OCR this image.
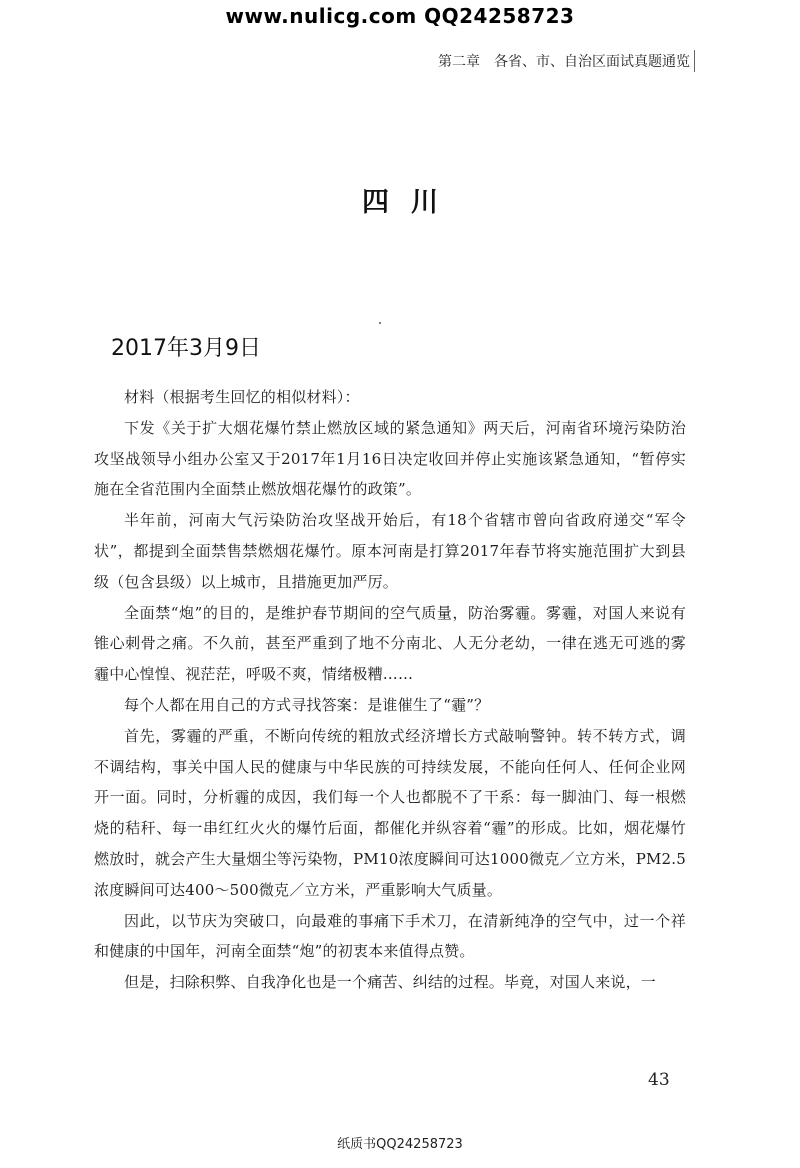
www.nulicg.com QQ24258723
第二章　各省、市、自治区面试真题通览
四川
2017年3月9日

材料（根据考生回忆的相似材料）：

下发《关于扩大烟花爆竹禁止燃放区域的紧急通知》两天后，河南省环境污染防治攻坚战领导小组办公室又于2017年1月16日决定收回并停止实施该紧急通知，“暂停实施在全省范围内全面禁止燃放烟花爆竹的政策”。

半年前，河南大气污染防治攻坚战开始后，有18个省辖市曾向省政府递交“军令状”，都提到全面禁售禁燃烟花爆竹。原本河南是打算2017年春节将实施范围扩大到县级（包含县级）以上城市，且措施更加严厉。

全面禁“炮”的目的，是维护春节期间的空气质量，防治雾霾。雾霾，对国人来说有锥心刺骨之痛。不久前，甚至严重到了地不分南北、人无分老幼，一律在逃无可逃的雾霾中心惶惶、视茫茫，呼吸不爽，情绪极糟……

每个人都在用自己的方式寻找答案：是谁催生了“霾”？

首先，雾霾的严重，不断向传统的粗放式经济增长方式敲响警钟。转不转方式，调不调结构，事关中国人民的健康与中华民族的可持续发展，不能向任何人、任何企业网开一面。同时，分析霾的成因，我们每一个人也都脱不了干系：每一脚油门、每一根燃烧的秸秆、每一串红红火火的爆竹后面，都催化并纵容着“霾”的形成。比如，烟花爆竹燃放时，就会产生大量烟尘等污染物，PM10浓度瞬间可达1000微克／立方米，PM2.5浓度瞬间可达400～500微克／立方米，严重影响大气质量。

因此，以节庆为突破口，向最难的事痛下手术刀，在清新纯净的空气中，过一个祥和健康的中国年，河南全面禁“炮”的初衷本来值得点赞。

但是，扫除积弊、自我净化也是一个痛苦、纠结的过程。毕竟，对国人来说，一

43
纸质书QQ24258723
